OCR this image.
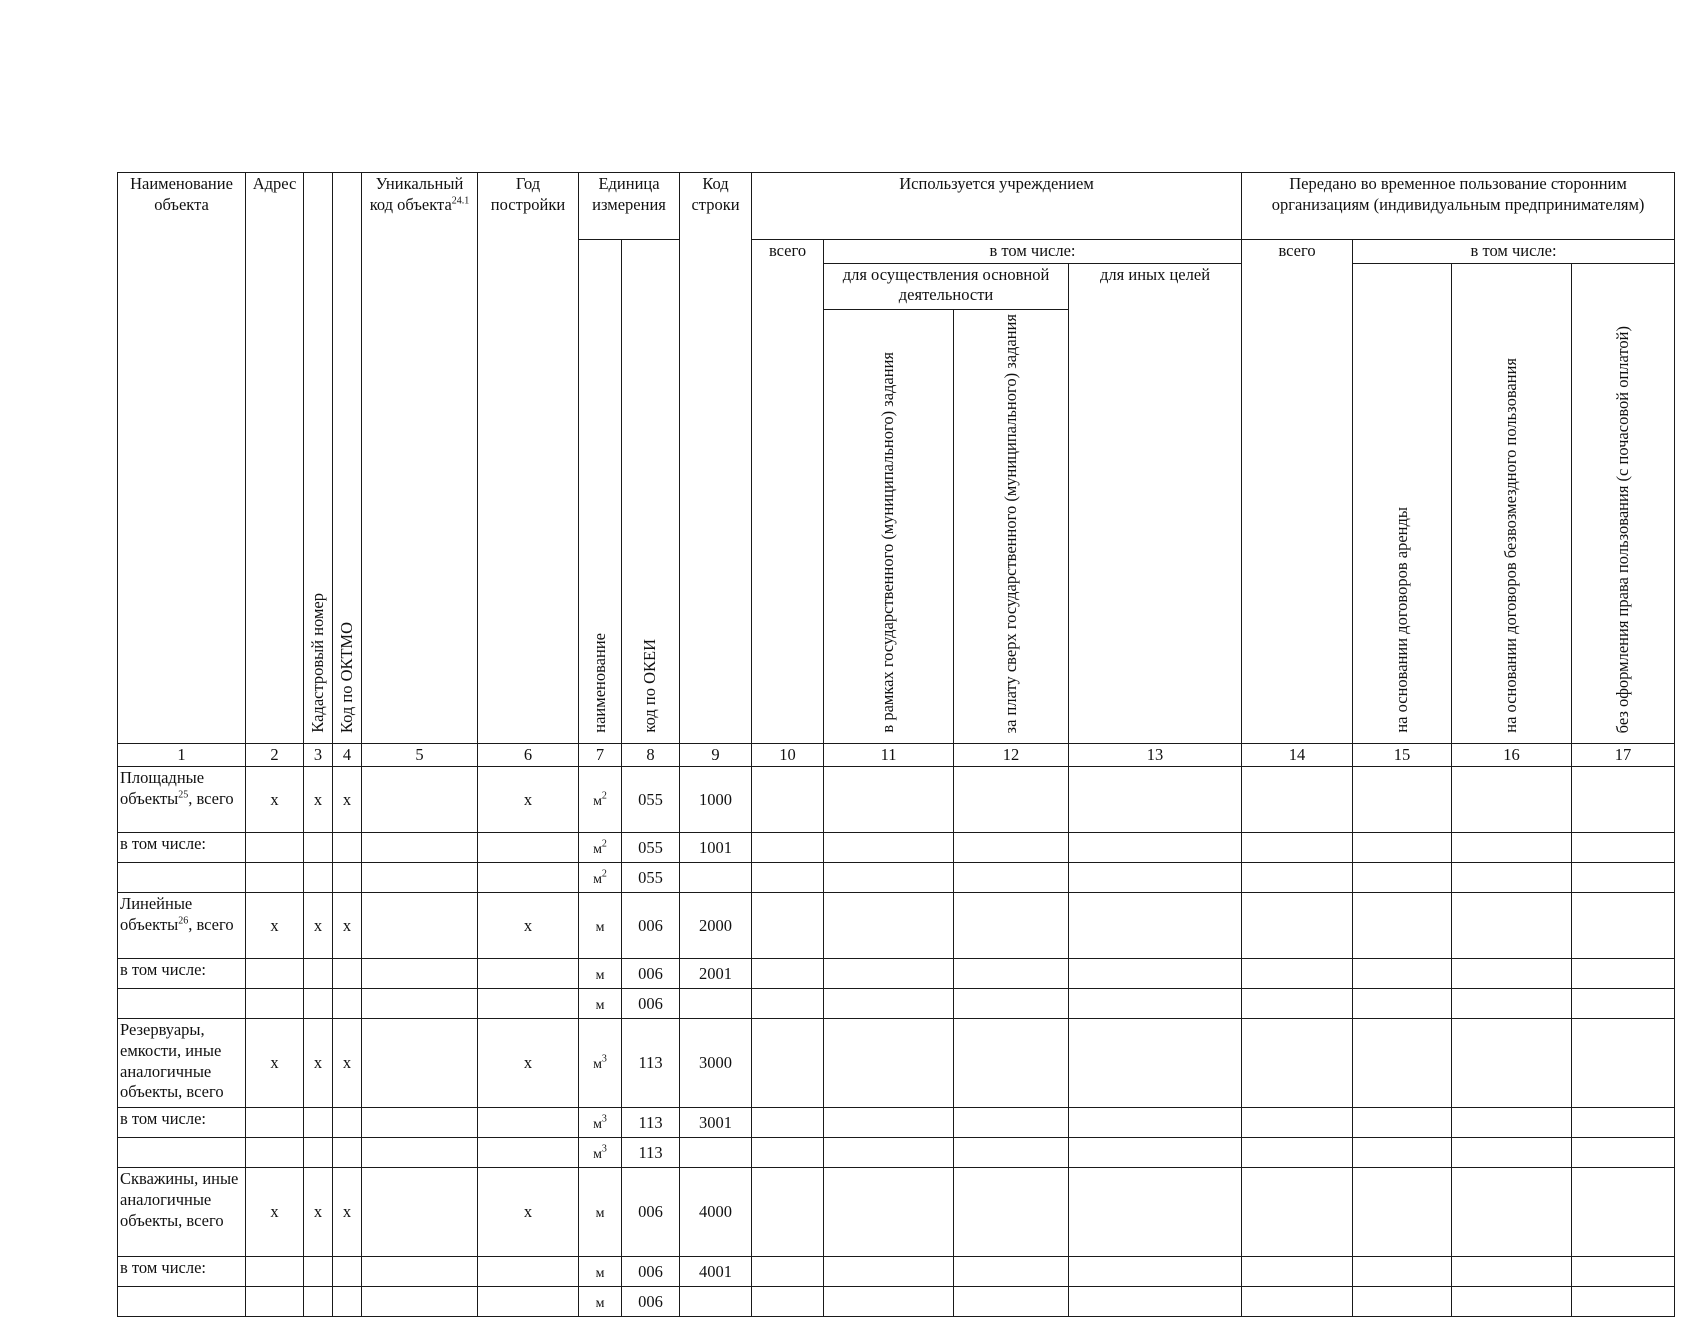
Наименование объекта	Адрес	Кадастровый номер	Код по ОКТМО	Уникальный код объекта$^{24.1}$	Год постройки	Единица измерения		Код строки	Используется учреждением				Передано во временное пользование сторонним организациям (индивидуальным предпринимателям)			
						наименование	код по ОКЕИ		всего	в том числе:			всего	в том числе:		
										для осуществления основной деятельности		для иных целей		на основании договоров аренды	на основании договоров безвозмездного пользования	без оформления права пользования (с почасовой оплатой)
										в рамках государственного (муниципального) задания	за плату сверх государственного (муниципального) задания					
1	2	3	4	5	6	7	8	9	10	11	12	13	14	15	16	17
Площадные объекты$^{25}$, всего	x	x	x		x	$м^2$	055	1000								
в том числе:						$м^2$	055	1001								
						$м^2$	055									
Линейные объекты$^{26}$, всего	x	x	x		x	м	006	2000								
в том числе:						м	006	2001								
						м	006									
Резервуары, емкости, иные аналогичные объекты, всего	x	x	x		x	$м^3$	113	3000								
в том числе:						$м^3$	113	3001								
						$м^3$	113									
Скважины, иные аналогичные объекты, всего	x	x	x		x	м	006	4000								
в том числе:						м	006	4001								
						м	006									
